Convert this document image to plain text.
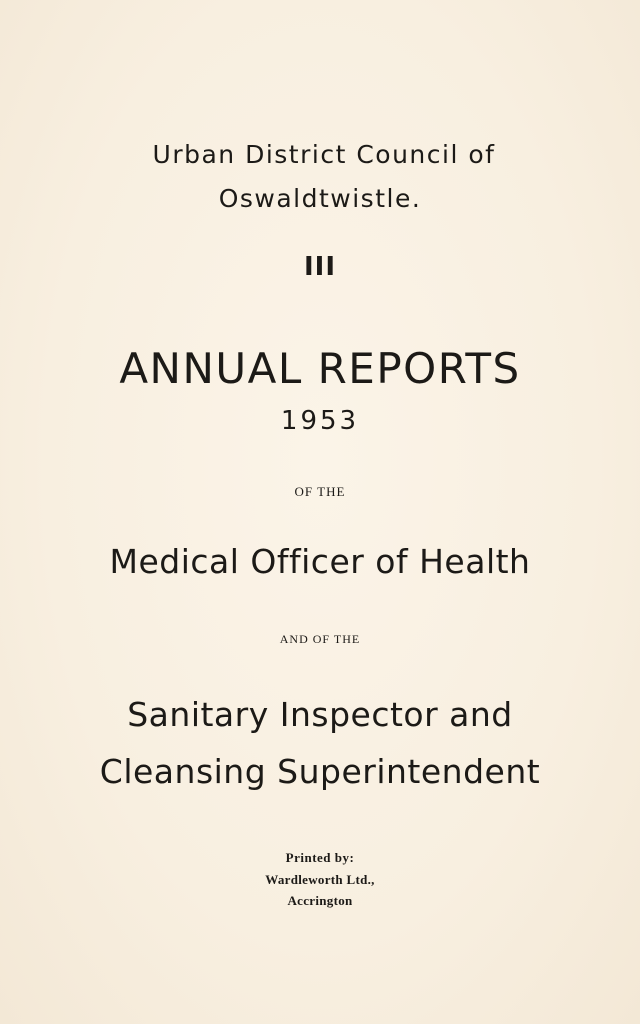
Urban District Council of
Oswaldtwistle.
III
ANNUAL REPORTS
1953
OF THE
Medical Officer of Health
AND OF THE
Sanitary Inspector and
Cleansing Superintendent
Printed by:
Wardleworth Ltd.,
Accrington
